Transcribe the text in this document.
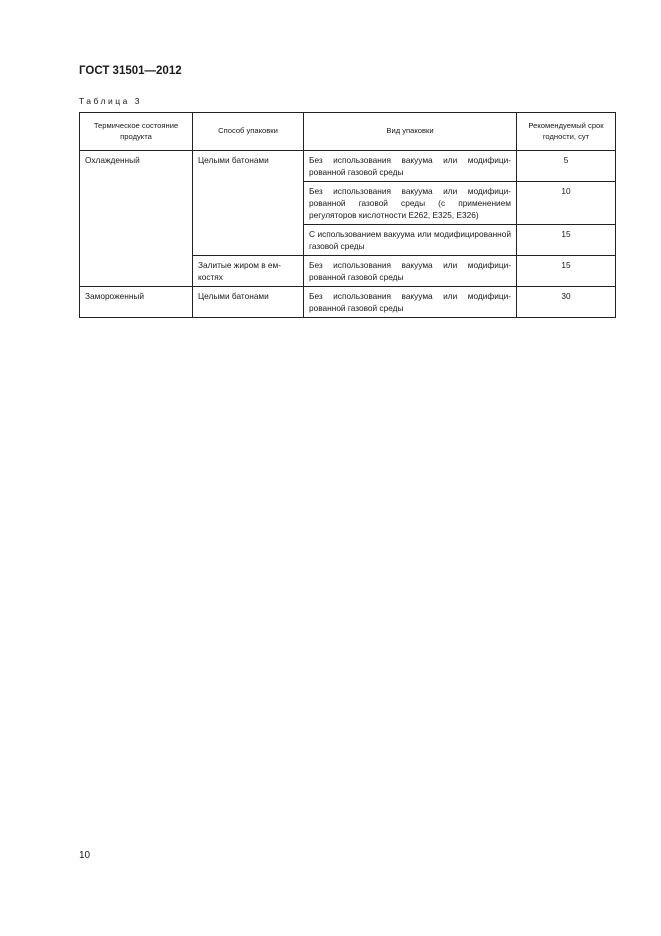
ГОСТ 31501—2012
Таблица 3
Термическое состояние продукта	Способ упаковки	Вид упаковки	Рекомендуемый срок годности, сут
Охлажденный	Целыми батонами	Без использования вакуума или модифицированной газовой среды	5
		Без использования вакуума или модифицированной газовой среды (с применением регуляторов кислотности Е262, Е325, Е326)	10
		С использованием вакуума или модифицированной газовой среды	15
	Залитые жиром в емкостях	Без использования вакуума или модифицированной газовой среды	15
Замороженный	Целыми батонами	Без использования вакуума или модифицированной газовой среды	30
10
